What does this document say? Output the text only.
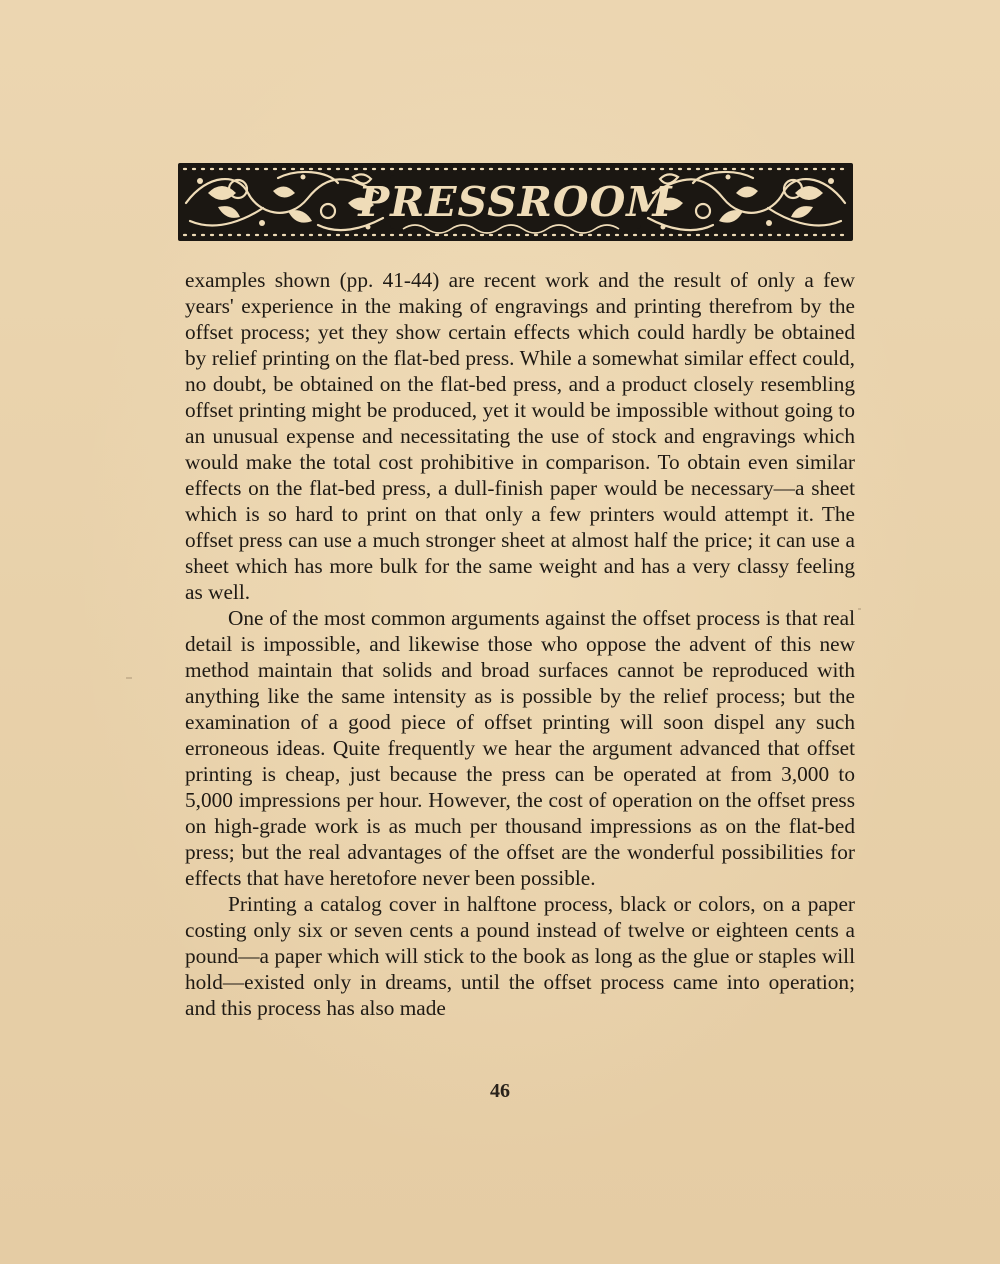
PRESSROOM

examples shown (pp. 41-44) are recent work and the result of only a few years' experience in the making of engravings and printing therefrom by the offset process; yet they show certain effects which could hardly be obtained by relief printing on the flat-bed press. While a somewhat similar effect could, no doubt, be obtained on the flat-bed press, and a product closely resembling offset printing might be produced, yet it would be impossible without going to an unusual expense and necessitating the use of stock and engravings which would make the total cost prohibitive in comparison. To obtain even similar effects on the flat-bed press, a dull-finish paper would be necessary—a sheet which is so hard to print on that only a few printers would attempt it. The offset press can use a much stronger sheet at almost half the price; it can use a sheet which has more bulk for the same weight and has a very classy feeling as well.

One of the most common arguments against the offset process is that real detail is impossible, and likewise those who oppose the advent of this new method maintain that solids and broad surfaces cannot be reproduced with anything like the same intensity as is possible by the relief process; but the examination of a good piece of offset printing will soon dispel any such erroneous ideas. Quite frequently we hear the argument advanced that offset printing is cheap, just because the press can be operated at from 3,000 to 5,000 impressions per hour. However, the cost of operation on the offset press on high-grade work is as much per thousand impressions as on the flat-bed press; but the real advantages of the offset are the wonderful possibilities for effects that have heretofore never been possible.

Printing a catalog cover in halftone process, black or colors, on a paper costing only six or seven cents a pound instead of twelve or eighteen cents a pound—a paper which will stick to the book as long as the glue or staples will hold—existed only in dreams, until the offset process came into operation; and this process has also made

46
